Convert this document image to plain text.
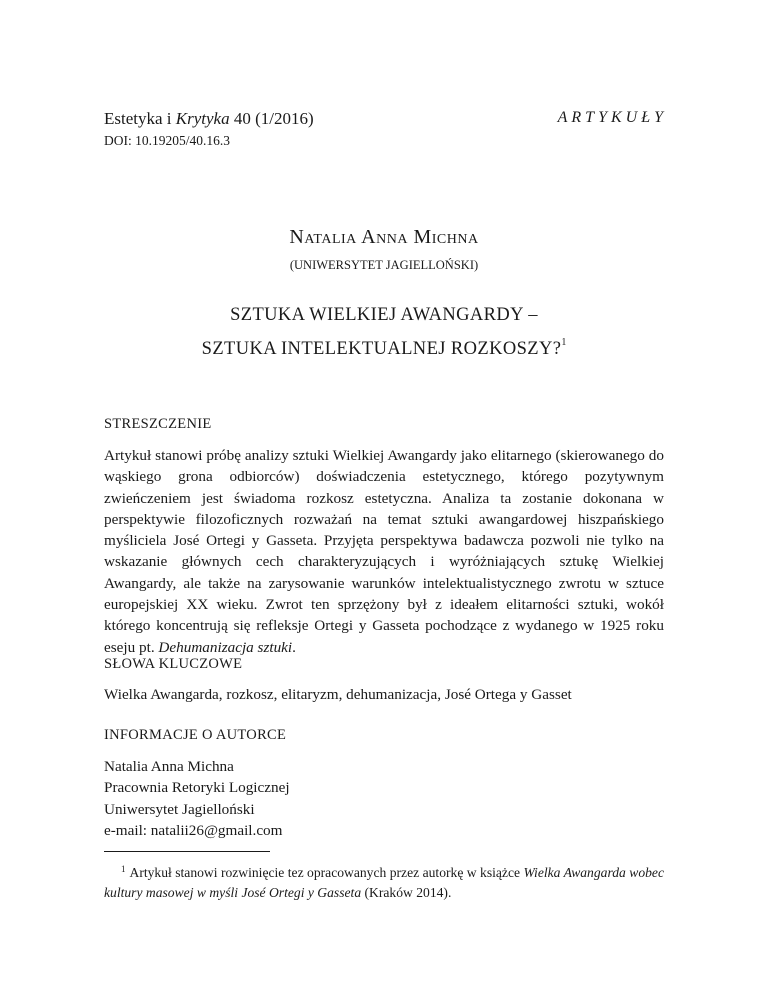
Estetyka i Krytyka 40 (1/2016)	ARTYKUŁY
DOI: 10.19205/40.16.3
Natalia Anna Michna
(UNIWERSYTET JAGIELLOŃSKI)
SZTUKA WIELKIEJ AWANGARDY –
SZTUKA INTELEKTUALNEJ ROZKOSZY?$^1$
STRESZCZENIE

Artykuł stanowi próbę analizy sztuki Wielkiej Awangardy jako elitarnego (skierowanego do wąskiego grona odbiorców) doświadczenia estetycznego, którego pozytywnym zwieńczeniem jest świadoma rozkosz estetyczna. Analiza ta zostanie dokonana w perspektywie filozoficznych rozważań na temat sztuki awangardowej hiszpańskiego myśliciela José Ortegi y Gasseta. Przyjęta perspektywa badawcza pozwoli nie tylko na wskazanie głównych cech charakteryzujących i wyróżniających sztukę Wielkiej Awangardy, ale także na zarysowanie warunków intelektualistycznego zwrotu w sztuce europejskiej XX wieku. Zwrot ten sprzężony był z ideałem elitarności sztuki, wokół którego koncentrują się refleksje Ortegi y Gasseta pochodzące z wydanego w 1925 roku eseju pt. Dehumanizacja sztuki.

SŁOWA KLUCZOWE
Wielka Awangarda, rozkosz, elitaryzm, dehumanizacja, José Ortega y Gasset
INFORMACJE O AUTORCE
Natalia Anna Michna
Pracownia Retoryki Logicznej
Uniwersytet Jagielloński
e-mail: natalii26@gmail.com
$^1$ Artykuł stanowi rozwinięcie tez opracowanych przez autorkę w książce Wielka Awangarda wobec kultury masowej w myśli José Ortegi y Gasseta (Kraków 2014).
